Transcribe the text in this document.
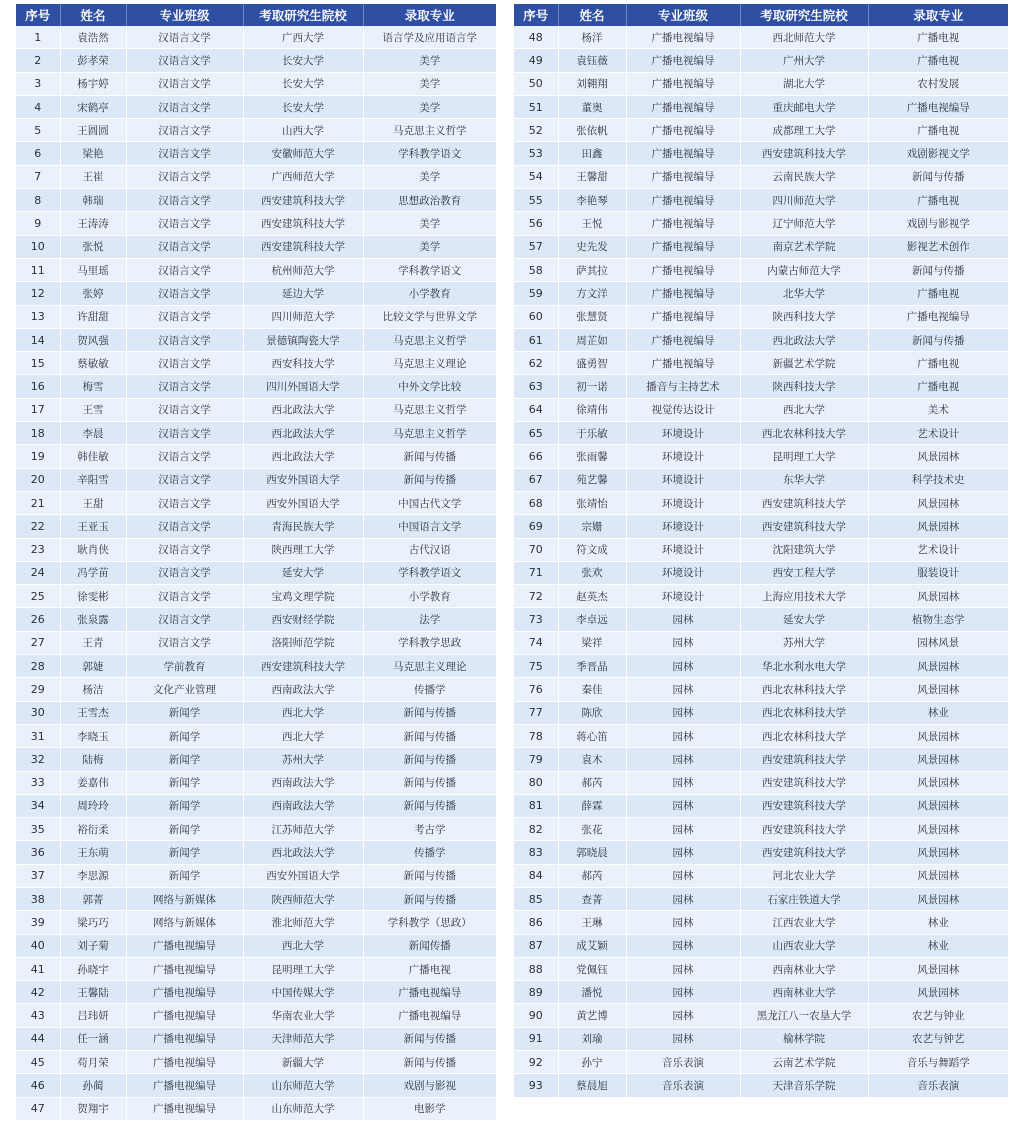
序号	姓名	专业班级	考取研究生院校	录取专业
1	袁浩然	汉语言文学	广西大学	语言学及应用语言学
2	彭孝荣	汉语言文学	长安大学	美学
3	杨宇婷	汉语言文学	长安大学	美学
4	宋鹤亭	汉语言文学	长安大学	美学
5	王圆圆	汉语言文学	山西大学	马克思主义哲学
6	梁艳	汉语言文学	安徽师范大学	学科教学语文
7	王崔	汉语言文学	广西师范大学	美学
8	韩瑞	汉语言文学	西安建筑科技大学	思想政治教育
9	王涛涛	汉语言文学	西安建筑科技大学	美学
10	张悦	汉语言文学	西安建筑科技大学	美学
11	马里瑶	汉语言文学	杭州师范大学	学科教学语文
12	张婷	汉语言文学	延边大学	小学教育
13	许甜甜	汉语言文学	四川师范大学	比较文学与世界文学
14	贺风强	汉语言文学	景德镇陶瓷大学	马克思主义哲学
15	蔡敏敏	汉语言文学	西安科技大学	马克思主义理论
16	梅雪	汉语言文学	四川外国语大学	中外文学比较
17	王雪	汉语言文学	西北政法大学	马克思主义哲学
18	李晨	汉语言文学	西北政法大学	马克思主义哲学
19	韩佳敏	汉语言文学	西北政法大学	新闻与传播
20	辛阳雪	汉语言文学	西安外国语大学	新闻与传播
21	王甜	汉语言文学	西安外国语大学	中国古代文学
22	王亚玉	汉语言文学	青海民族大学	中国语言文学
23	耿肖侠	汉语言文学	陕西理工大学	古代汉语
24	冯学苗	汉语言文学	延安大学	学科教学语文
25	徐雯彬	汉语言文学	宝鸡文理学院	小学教育
26	张泉露	汉语言文学	西安财经学院	法学
27	王青	汉语言文学	洛阳师范学院	学科教学思政
28	郭婕	学前教育	西安建筑科技大学	马克思主义理论
29	杨洁	文化产业管理	西南政法大学	传播学
30	王雪杰	新闻学	西北大学	新闻与传播
31	李晓玉	新闻学	西北大学	新闻与传播
32	陆梅	新闻学	苏州大学	新闻与传播
33	姜嘉伟	新闻学	西南政法大学	新闻与传播
34	周玲玲	新闻学	西南政法大学	新闻与传播
35	裕衍柔	新闻学	江苏师范大学	考古学
36	王东萌	新闻学	西北政法大学	传播学
37	李思源	新闻学	西安外国语大学	新闻与传播
38	郭菁	网络与新媒体	陕西师范大学	新闻与传播
39	梁巧巧	网络与新媒体	淮北师范大学	学科教学（思政）
40	刘子菊	广播电视编导	西北大学	新闻传播
41	孙晓宇	广播电视编导	昆明理工大学	广播电视
42	王馨陆	广播电视编导	中国传媒大学	广播电视编导
43	吕玮妍	广播电视编导	华南农业大学	广播电视编导
44	任一涵	广播电视编导	天津师范大学	新闻与传播
45	苟月荣	广播电视编导	新疆大学	新闻与传播
46	孙蔺	广播电视编导	山东师范大学	戏剧与影视
47	贺翔宇	广播电视编导	山东师范大学	电影学
序号	姓名	专业班级	考取研究生院校	录取专业
48	杨洋	广播电视编导	西北师范大学	广播电视
49	袁钰薇	广播电视编导	广州大学	广播电视
50	刘翱翔	广播电视编导	湖北大学	农村发展
51	董奥	广播电视编导	重庆邮电大学	广播电视编导
52	张依帆	广播电视编导	成都理工大学	广播电视
53	田鑫	广播电视编导	西安建筑科技大学	戏剧影视文学
54	王馨甜	广播电视编导	云南民族大学	新闻与传播
55	李艳琴	广播电视编导	四川师范大学	广播电视
56	王悦	广播电视编导	辽宁师范大学	戏剧与影视学
57	史先发	广播电视编导	南京艺术学院	影视艺术创作
58	萨其拉	广播电视编导	内蒙古师范大学	新闻与传播
59	方文洋	广播电视编导	北华大学	广播电视
60	张慧贤	广播电视编导	陕西科技大学	广播电视编导
61	周芷如	广播电视编导	西北政法大学	新闻与传播
62	盛勇智	广播电视编导	新疆艺术学院	广播电视
63	初一诺	播音与主持艺术	陕西科技大学	广播电视
64	徐靖伟	视觉传达设计	西北大学	美术
65	于乐敏	环境设计	西北农林科技大学	艺术设计
66	张雨馨	环境设计	昆明理工大学	风景园林
67	苑艺馨	环境设计	东华大学	科学技术史
68	张靖怡	环境设计	西安建筑科技大学	风景园林
69	宗姗	环境设计	西安建筑科技大学	风景园林
70	符文成	环境设计	沈阳建筑大学	艺术设计
71	张欢	环境设计	西安工程大学	服装设计
72	赵英杰	环境设计	上海应用技术大学	风景园林
73	李卓远	园林	延安大学	植物生态学
74	梁祥	园林	苏州大学	园林风景
75	季晋晶	园林	华北水利水电大学	风景园林
76	秦佳	园林	西北农林科技大学	风景园林
77	陈欣	园林	西北农林科技大学	林业
78	蒋心笛	园林	西北农林科技大学	风景园林
79	袁木	园林	西安建筑科技大学	风景园林
80	郝芮	园林	西安建筑科技大学	风景园林
81	薛霖	园林	西安建筑科技大学	风景园林
82	张花	园林	西安建筑科技大学	风景园林
83	郭晓晨	园林	西安建筑科技大学	风景园林
84	郝芮	园林	河北农业大学	风景园林
85	查菁	园林	石家庄铁道大学	风景园林
86	王琳	园林	江西农业大学	林业
87	成艾颖	园林	山西农业大学	林业
88	党佩钰	园林	西南林业大学	风景园林
89	潘悦	园林	西南林业大学	风景园林
90	黄艺博	园林	黑龙江八一农垦大学	农艺与钟业
91	刘瑜	园林	榆林学院	农艺与钟艺
92	孙宁	音乐表演	云南艺术学院	音乐与舞蹈学
93	蔡晨旭	音乐表演	天津音乐学院	音乐表演
